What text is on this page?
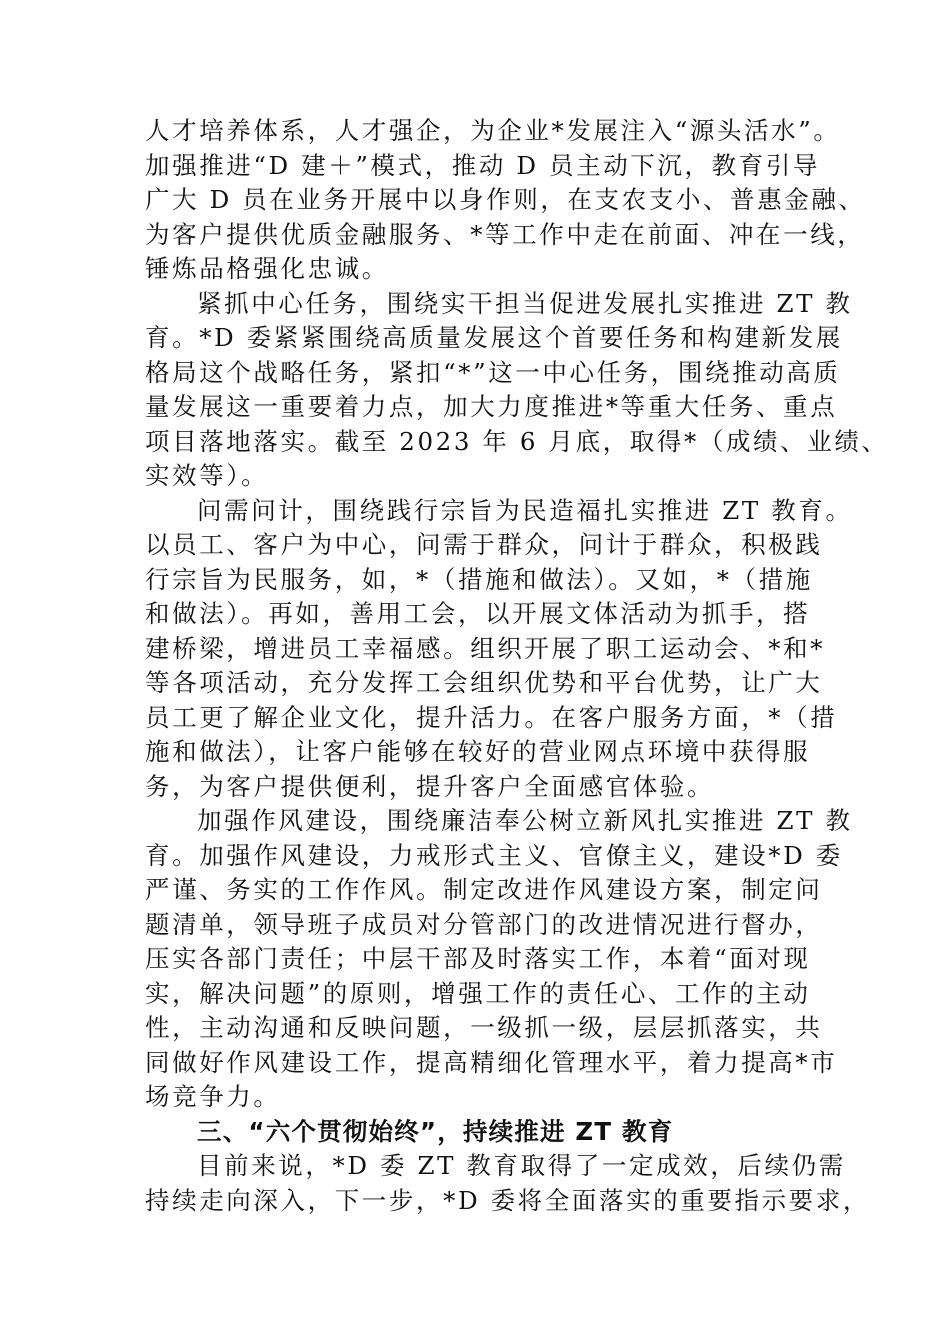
人才培养体系，人才强企，为企业*发展注入“源头活水”。
加强推进“D 建＋”模式，推动 D 员主动下沉，教育引导
广大 D 员在业务开展中以身作则，在支农支小、普惠金融、
为客户提供优质金融服务、*等工作中走在前面、冲在一线，
锤炼品格强化忠诚。
紧抓中心任务，围绕实干担当促进发展扎实推进 ZT 教
育。*D 委紧紧围绕高质量发展这个首要任务和构建新发展
格局这个战略任务，紧扣“*”这一中心任务，围绕推动高质
量发展这一重要着力点，加大力度推进*等重大任务、重点
项目落地落实。截至 2023 年 6 月底，取得*（成绩、业绩、
实效等）。
问需问计，围绕践行宗旨为民造福扎实推进 ZT 教育。
以员工、客户为中心，问需于群众，问计于群众，积极践
行宗旨为民服务，如，*（措施和做法）。又如，*（措施
和做法）。再如，善用工会，以开展文体活动为抓手，搭
建桥梁，增进员工幸福感。组织开展了职工运动会、*和*
等各项活动，充分发挥工会组织优势和平台优势，让广大
员工更了解企业文化，提升活力。在客户服务方面，*（措
施和做法），让客户能够在较好的营业网点环境中获得服
务，为客户提供便利，提升客户全面感官体验。
加强作风建设，围绕廉洁奉公树立新风扎实推进 ZT 教
育。加强作风建设，力戒形式主义、官僚主义，建设*D 委
严谨、务实的工作作风。制定改进作风建设方案，制定问
题清单，领导班子成员对分管部门的改进情况进行督办，
压实各部门责任；中层干部及时落实工作，本着“面对现
实，解决问题”的原则，增强工作的责任心、工作的主动
性，主动沟通和反映问题，一级抓一级，层层抓落实，共
同做好作风建设工作，提高精细化管理水平，着力提高*市
场竞争力。
三、“六个贯彻始终”，持续推进 ZT 教育
目前来说，*D 委 ZT 教育取得了一定成效，后续仍需
持续走向深入，下一步，*D 委将全面落实的重要指示要求，
